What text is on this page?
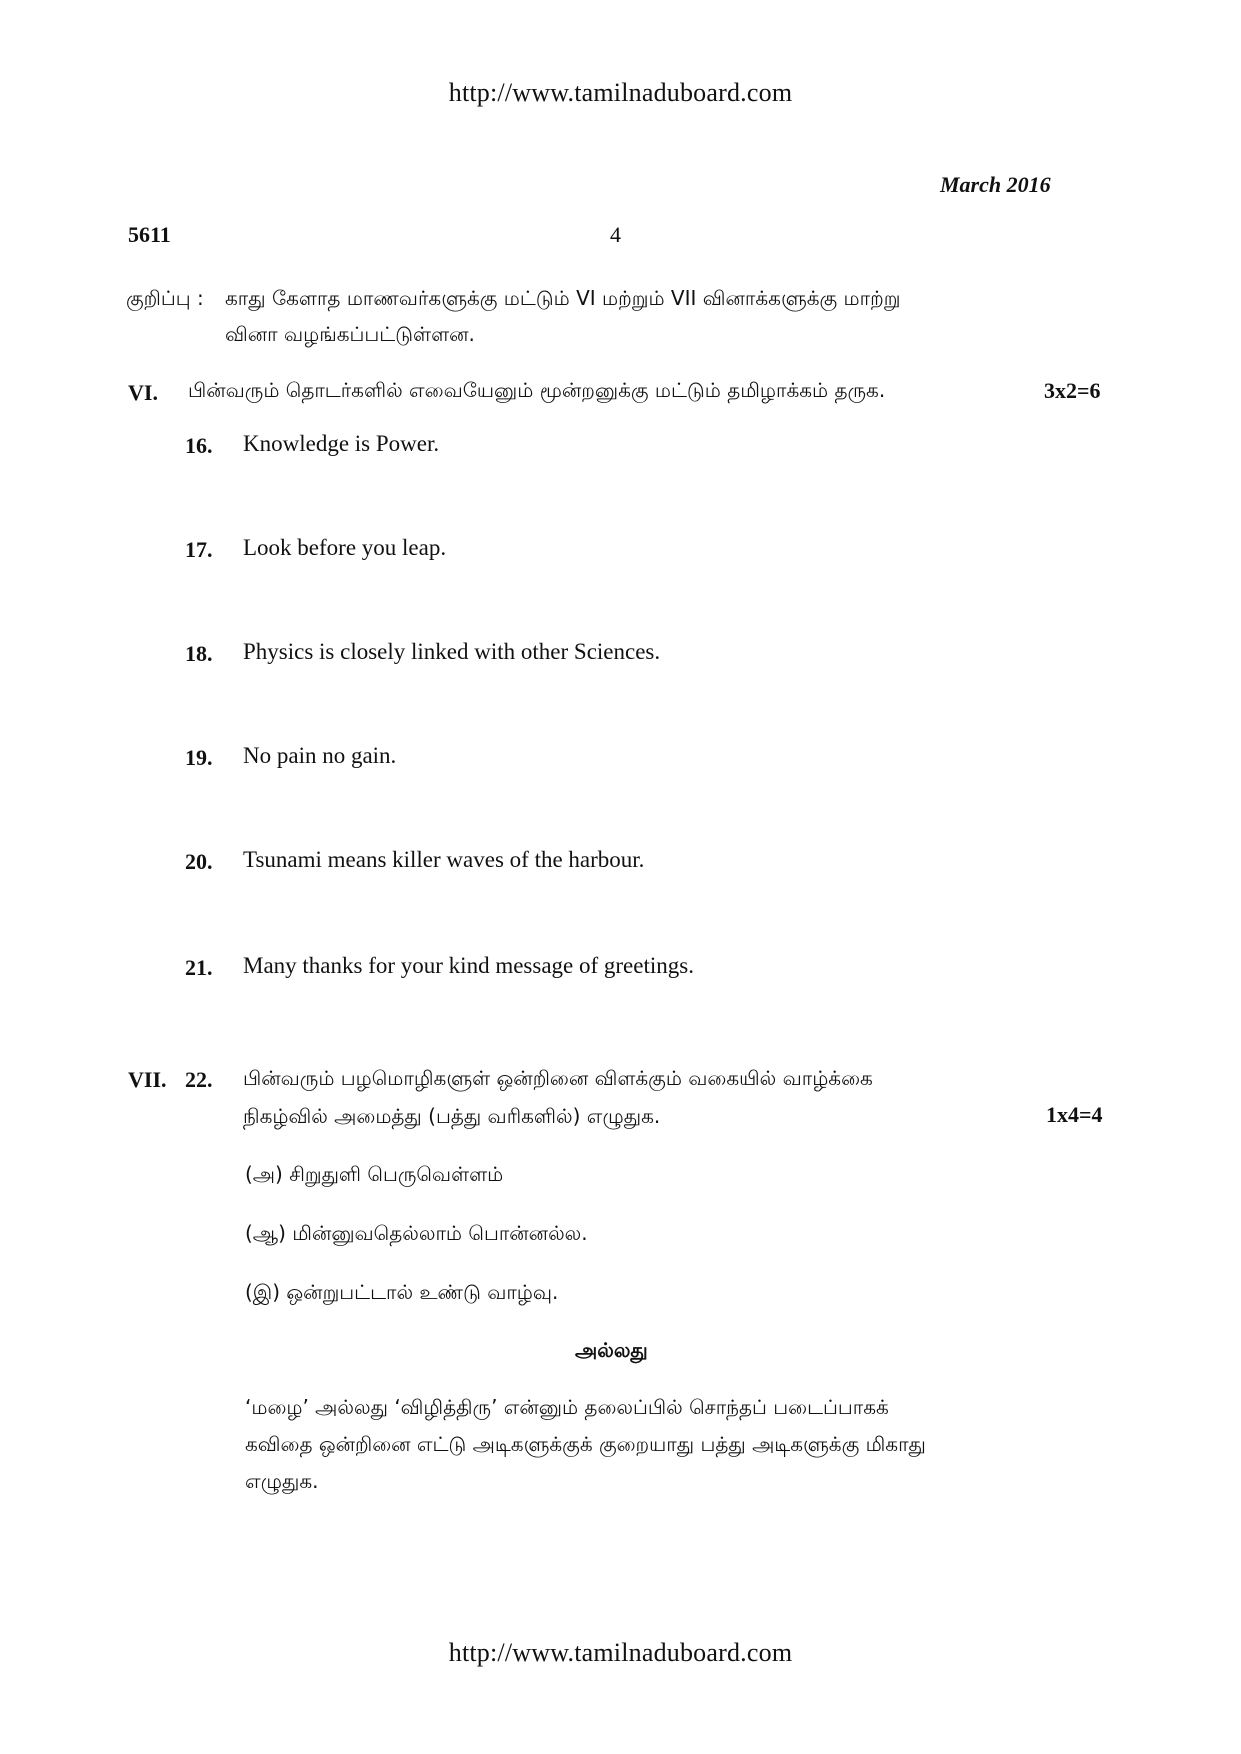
http://www.tamilnaduboard.com
March 2016
5611	4
குறிப்பு : காது கேளாத மாணவர்களுக்கு மட்டும் VI மற்றும் VII வினாக்களுக்கு மாற்று
வினா வழங்கப்பட்டுள்ளன.
VI. பின்வரும் தொடர்களில் எவையேனும் மூன்றனுக்கு மட்டும் தமிழாக்கம் தருக.	3x2=6
16. Knowledge is Power.
17. Look before you leap.
18. Physics is closely linked with other Sciences.
19. No pain no gain.
20. Tsunami means killer waves of the harbour.
21. Many thanks for your kind message of greetings.
VII. 22. பின்வரும் பழமொழிகளுள் ஒன்றினை விளக்கும் வகையில் வாழ்க்கை
நிகழ்வில் அமைத்து (பத்து வரிகளில்) எழுதுக.	1x4=4
(அ) சிறுதுளி பெருவெள்ளம்
(ஆ) மின்னுவதெல்லாம் பொன்னல்ல.
(இ) ஒன்றுபட்டால் உண்டு வாழ்வு.
அல்லது
‘மழை’ அல்லது ‘விழித்திரு’ என்னும் தலைப்பில் சொந்தப் படைப்பாகக்
கவிதை ஒன்றினை எட்டு அடிகளுக்குக் குறையாது பத்து அடிகளுக்கு மிகாது
எழுதுக.
http://www.tamilnaduboard.com
